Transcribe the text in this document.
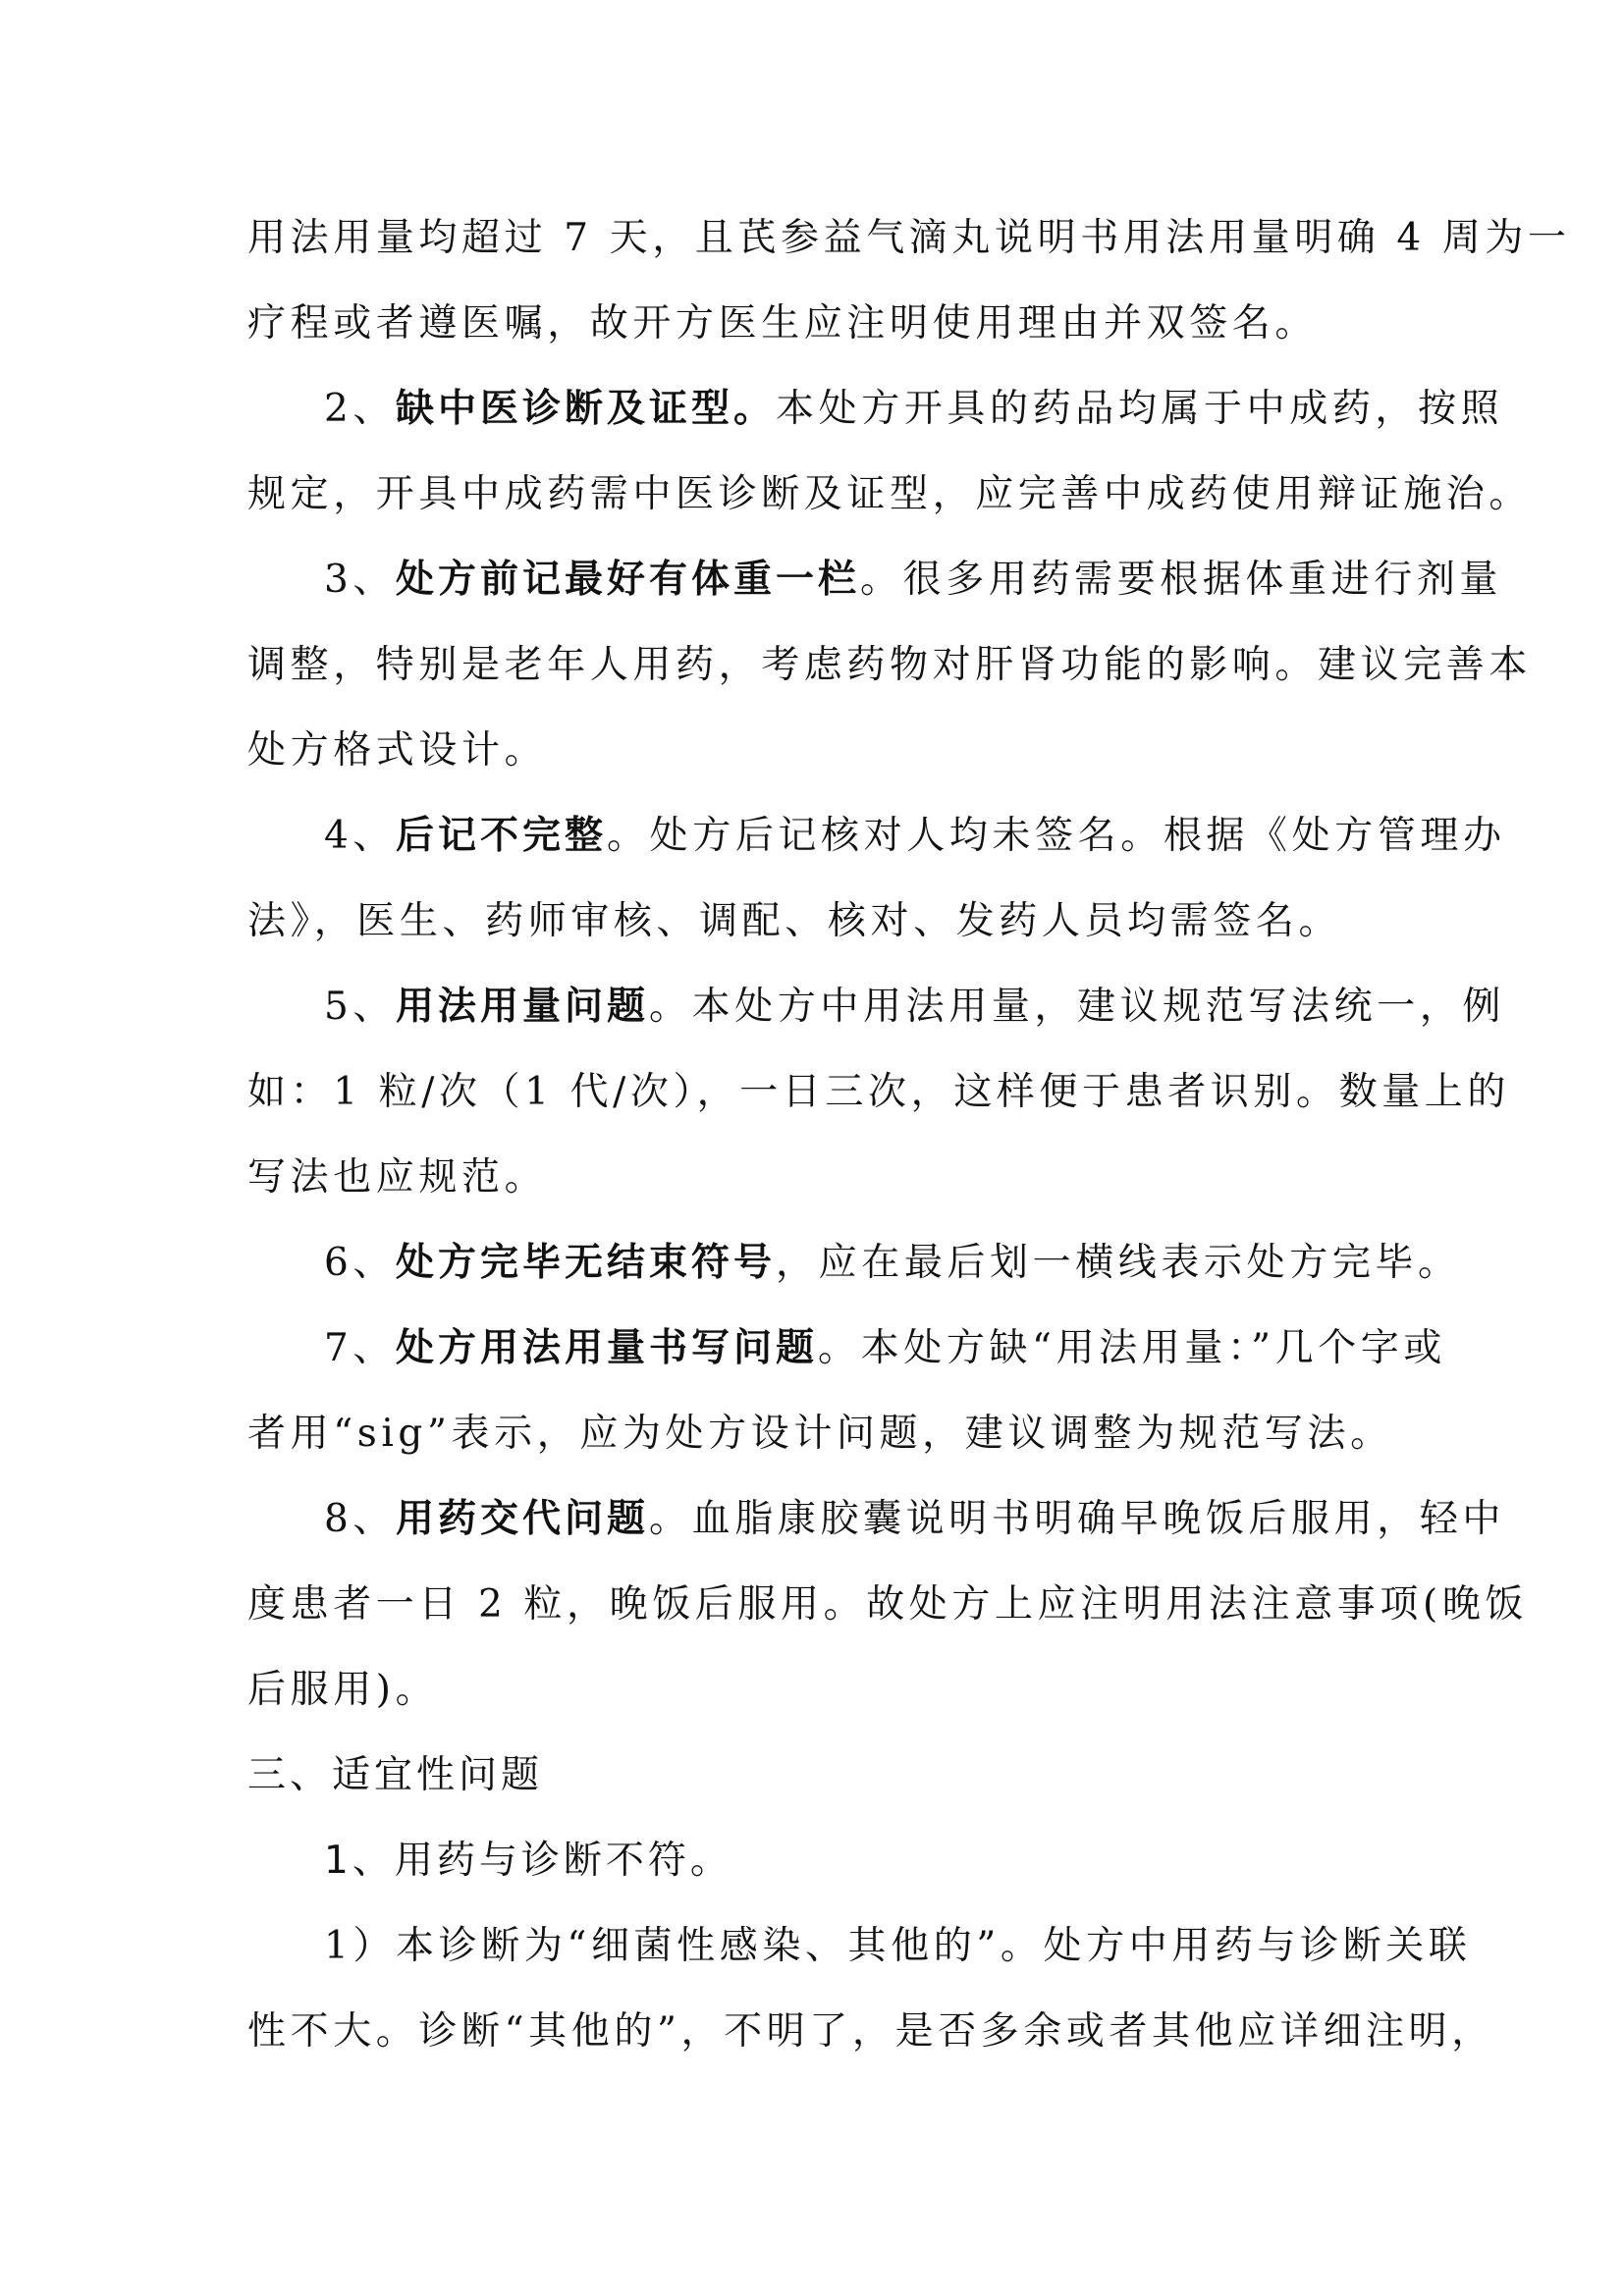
用法用量均超过 7 天，且芪参益气滴丸说明书用法用量明确 4 周为一
疗程或者遵医嘱，故开方医生应注明使用理由并双签名。
2、缺中医诊断及证型。本处方开具的药品均属于中成药，按照
规定，开具中成药需中医诊断及证型，应完善中成药使用辩证施治。
3、处方前记最好有体重一栏。很多用药需要根据体重进行剂量
调整，特别是老年人用药，考虑药物对肝肾功能的影响。建议完善本
处方格式设计。
4、后记不完整。处方后记核对人均未签名。根据《处方管理办
法》，医生、药师审核、调配、核对、发药人员均需签名。
5、用法用量问题。本处方中用法用量，建议规范写法统一，例
如：1 粒/次（1 代/次），一日三次，这样便于患者识别。数量上的
写法也应规范。
6、处方完毕无结束符号，应在最后划一横线表示处方完毕。
7、处方用法用量书写问题。本处方缺“用法用量：”几个字或
者用“sig”表示，应为处方设计问题，建议调整为规范写法。
8、用药交代问题。血脂康胶囊说明书明确早晚饭后服用，轻中
度患者一日 2 粒，晚饭后服用。故处方上应注明用法注意事项(晚饭
后服用)。
三、适宜性问题
1、用药与诊断不符。
1）本诊断为“细菌性感染、其他的”。处方中用药与诊断关联
性不大。诊断“其他的”，不明了，是否多余或者其他应详细注明，
